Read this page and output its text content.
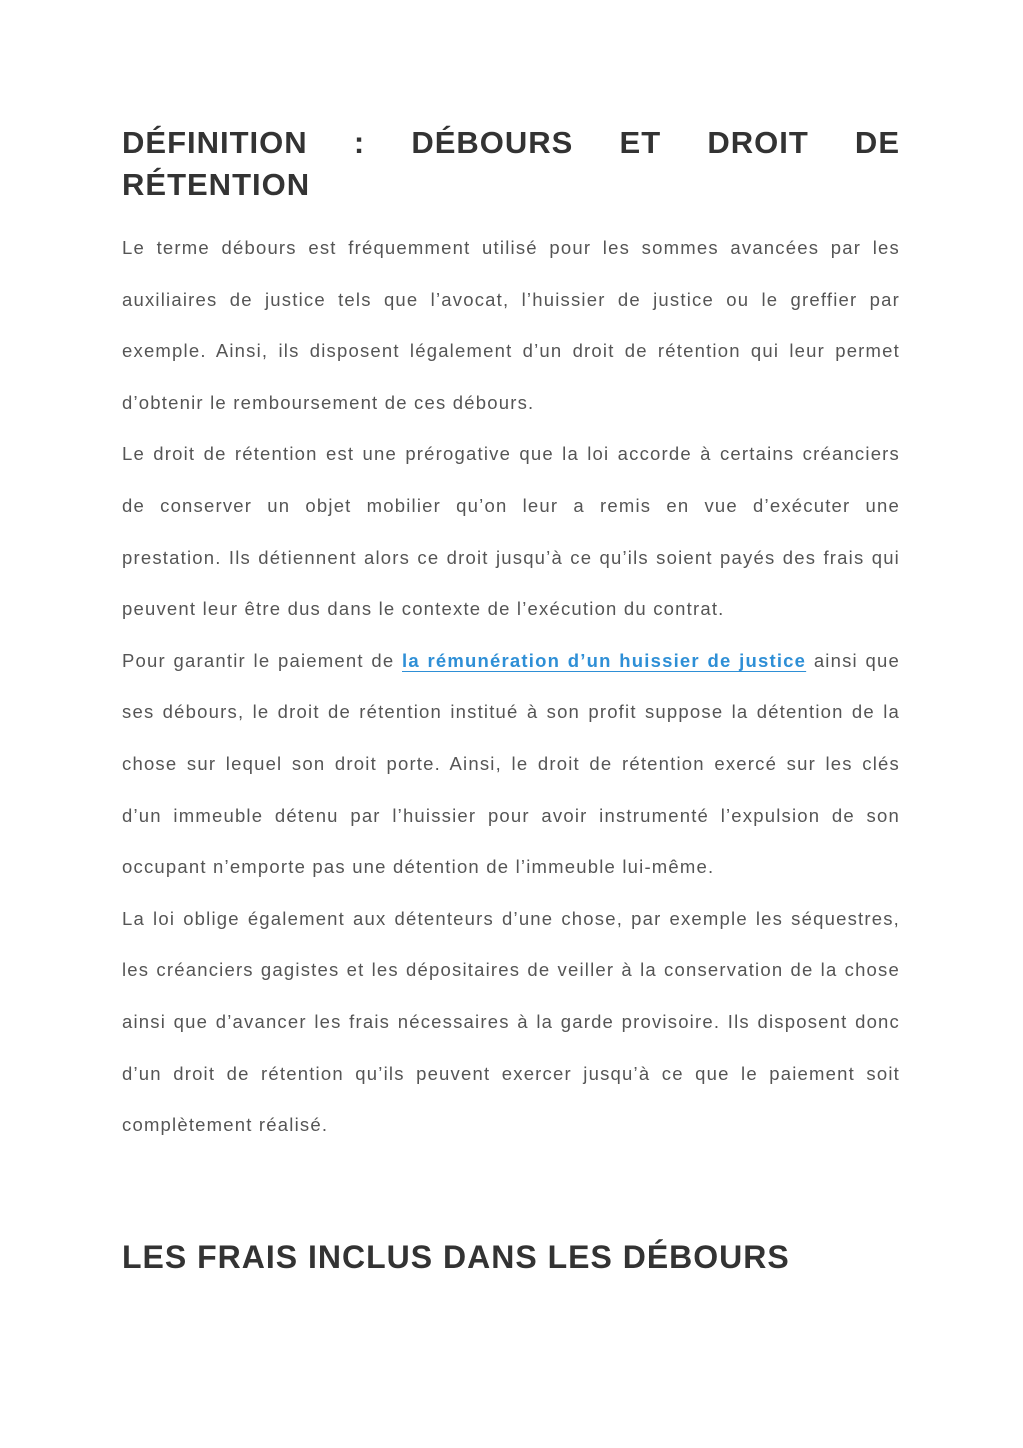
DÉFINITION : DÉBOURS ET DROIT DE
RÉTENTION

Le terme débours est fréquemment utilisé pour les sommes avancées par les auxiliaires de justice tels que l’avocat, l’huissier de justice ou le greffier par exemple. Ainsi, ils disposent légalement d’un droit de rétention qui leur permet d’obtenir le remboursement de ces débours.

Le droit de rétention est une prérogative que la loi accorde à certains créanciers de conserver un objet mobilier qu’on leur a remis en vue d’exécuter une prestation. Ils détiennent alors ce droit jusqu’à ce qu’ils soient payés des frais qui peuvent leur être dus dans le contexte de l’exécution du contrat.

Pour garantir le paiement de la rémunération d’un huissier de justice ainsi que ses débours, le droit de rétention institué à son profit suppose la détention de la chose sur lequel son droit porte. Ainsi, le droit de rétention exercé sur les clés d’un immeuble détenu par l’huissier pour avoir instrumenté l’expulsion de son occupant n’emporte pas une détention de l’immeuble lui-même.

La loi oblige également aux détenteurs d’une chose, par exemple les séquestres, les créanciers gagistes et les dépositaires de veiller à la conservation de la chose ainsi que d’avancer les frais nécessaires à la garde provisoire. Ils disposent donc d’un droit de rétention qu’ils peuvent exercer jusqu’à ce que le paiement soit complètement réalisé.

LES FRAIS INCLUS DANS LES DÉBOURS
